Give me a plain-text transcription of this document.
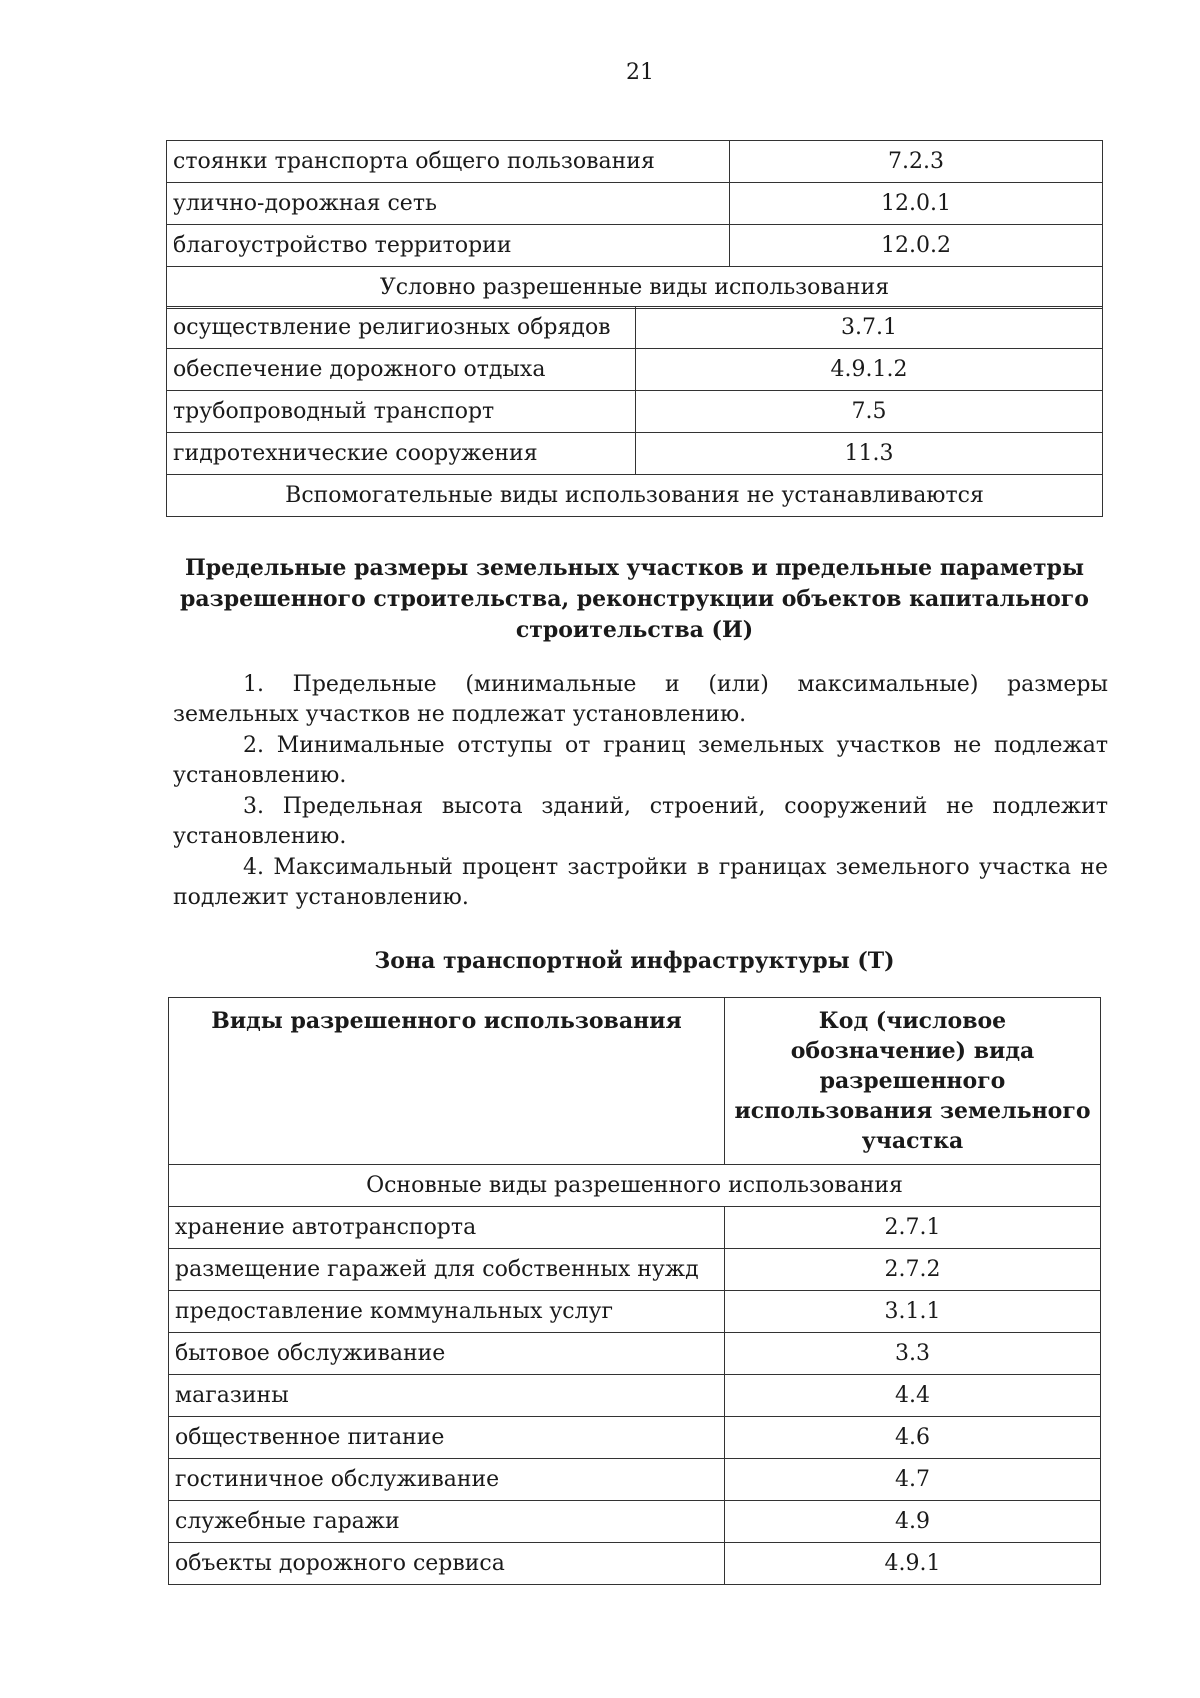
21
стоянки транспорта общего пользования	7.2.3
улично-дорожная сеть	12.0.1
благоустройство территории	12.0.2
Условно разрешенные виды использования	
осуществление религиозных обрядов	3.7.1
обеспечение дорожного отдыха	4.9.1.2
трубопроводный транспорт	7.5
гидротехнические сооружения	11.3
Вспомогательные виды использования не устанавливаются	
Предельные размеры земельных участков и предельные параметры разрешенного строительства, реконструкции объектов капитального строительства (И)

1. Предельные (минимальные и (или) максимальные) размеры земельных участков не подлежат установлению.

2. Минимальные отступы от границ земельных участков не подлежат установлению.

3. Предельная высота зданий, строений, сооружений не подлежит установлению.

4. Максимальный процент застройки в границах земельного участка не подлежит установлению.

Зона транспортной инфраструктуры (Т)
Виды разрешенного использования	Код (числовое обозначение) вида разрешенного использования земельного участка
Основные виды разрешенного использования	
хранение автотранспорта	2.7.1
размещение гаражей для собственных нужд	2.7.2
предоставление коммунальных услуг	3.1.1
бытовое обслуживание	3.3
магазины	4.4
общественное питание	4.6
гостиничное обслуживание	4.7
служебные гаражи	4.9
объекты дорожного сервиса	4.9.1
